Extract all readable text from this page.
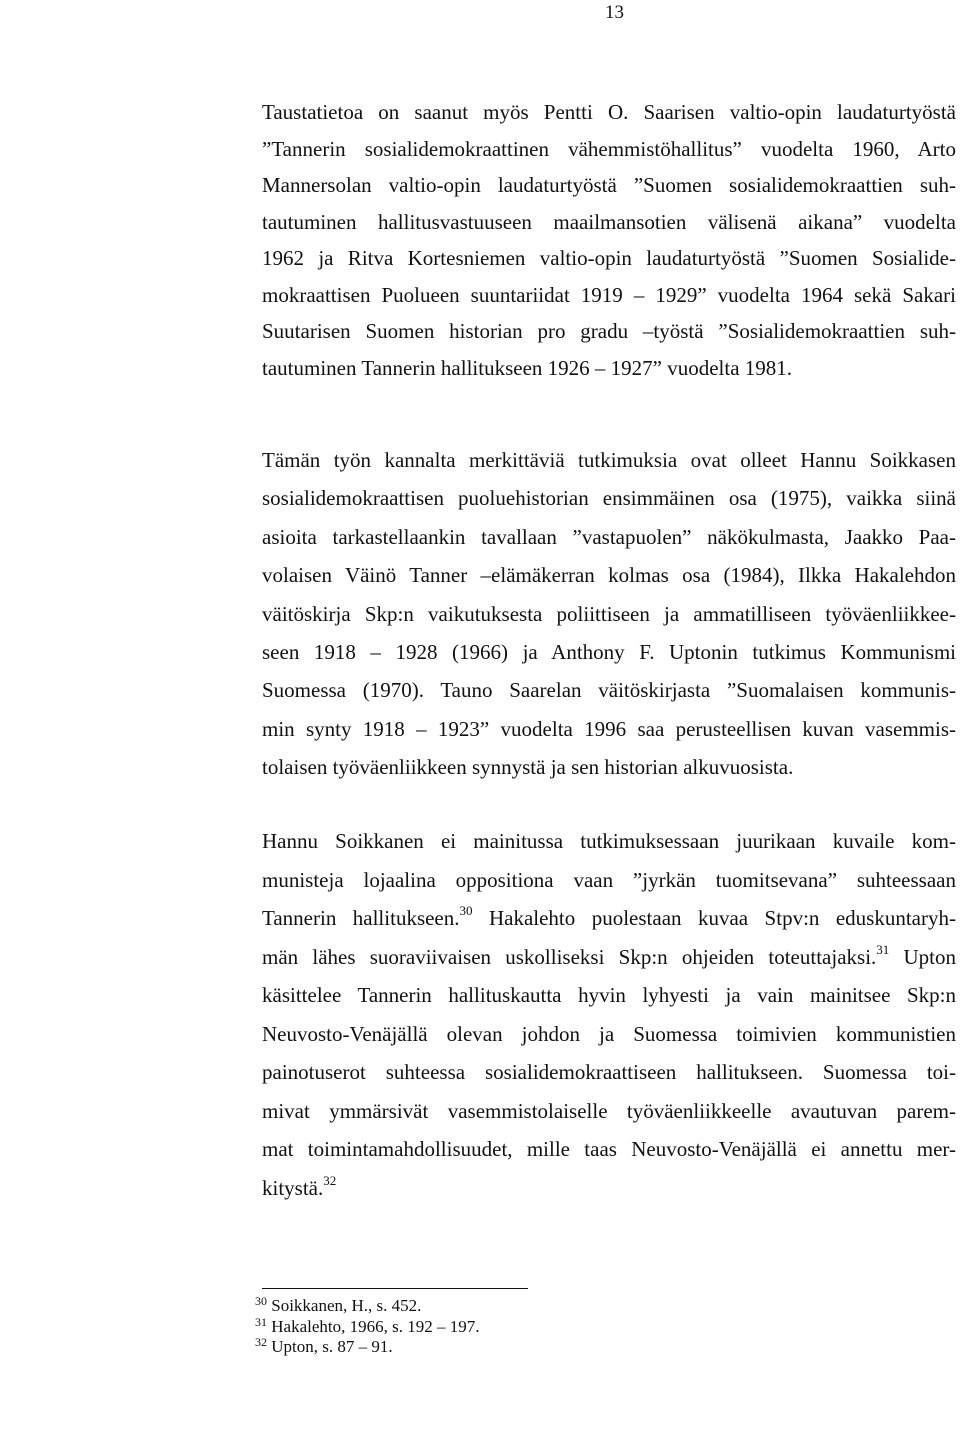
13
Taustatietoa on saanut myös Pentti O. Saarisen valtio-opin laudaturtyöstä
”Tannerin sosialidemokraattinen vähemmistöhallitus” vuodelta 1960, Arto
Mannersolan valtio-opin laudaturtyöstä ”Suomen sosialidemokraattien suh-
tautuminen hallitusvastuuseen maailmansotien välisenä aikana” vuodelta
1962 ja Ritva Kortesniemen valtio-opin laudaturtyöstä ”Suomen Sosialide-
mokraattisen Puolueen suuntariidat 1919 – 1929” vuodelta 1964 sekä Sakari
Suutarisen Suomen historian pro gradu –työstä ”Sosialidemokraattien suh-
tautuminen Tannerin hallitukseen 1926 – 1927” vuodelta 1981.
Tämän työn kannalta merkittäviä tutkimuksia ovat olleet Hannu Soikkasen
sosialidemokraattisen puoluehistorian ensimmäinen osa (1975), vaikka siinä
asioita tarkastellaankin tavallaan ”vastapuolen” näkökulmasta, Jaakko Paa-
volaisen Väinö Tanner –elämäkerran kolmas osa (1984), Ilkka Hakalehdon
väitöskirja Skp:n vaikutuksesta poliittiseen ja ammatilliseen työväenliikkee-
seen 1918 – 1928 (1966) ja Anthony F. Uptonin tutkimus Kommunismi
Suomessa (1970). Tauno Saarelan väitöskirjasta ”Suomalaisen kommunis-
min synty 1918 – 1923” vuodelta 1996 saa perusteellisen kuvan vasemmis-
tolaisen työväenliikkeen synnystä ja sen historian alkuvuosista.
Hannu Soikkanen ei mainitussa tutkimuksessaan juurikaan kuvaile kom-
munisteja lojaalina oppositiona vaan ”jyrkän tuomitsevana” suhteessaan
Tannerin hallitukseen.$^{30}$ Hakalehto puolestaan kuvaa Stpv:n eduskuntaryh-
män lähes suoraviivaisen uskolliseksi Skp:n ohjeiden toteuttajaksi.$^{31}$ Upton
käsittelee Tannerin hallituskautta hyvin lyhyesti ja vain mainitsee Skp:n
Neuvosto-Venäjällä olevan johdon ja Suomessa toimivien kommunistien
painotuserot suhteessa sosialidemokraattiseen hallitukseen. Suomessa toi-
mivat ymmärsivät vasemmistolaiselle työväenliikkeelle avautuvan parem-
mat toimintamahdollisuudet, mille taas Neuvosto-Venäjällä ei annettu mer-
kitystä.$^{32}$
$^{30}$ Soikkanen, H., s. 452.
$^{31}$ Hakalehto, 1966, s. 192 – 197.
$^{32}$ Upton, s. 87 – 91.
